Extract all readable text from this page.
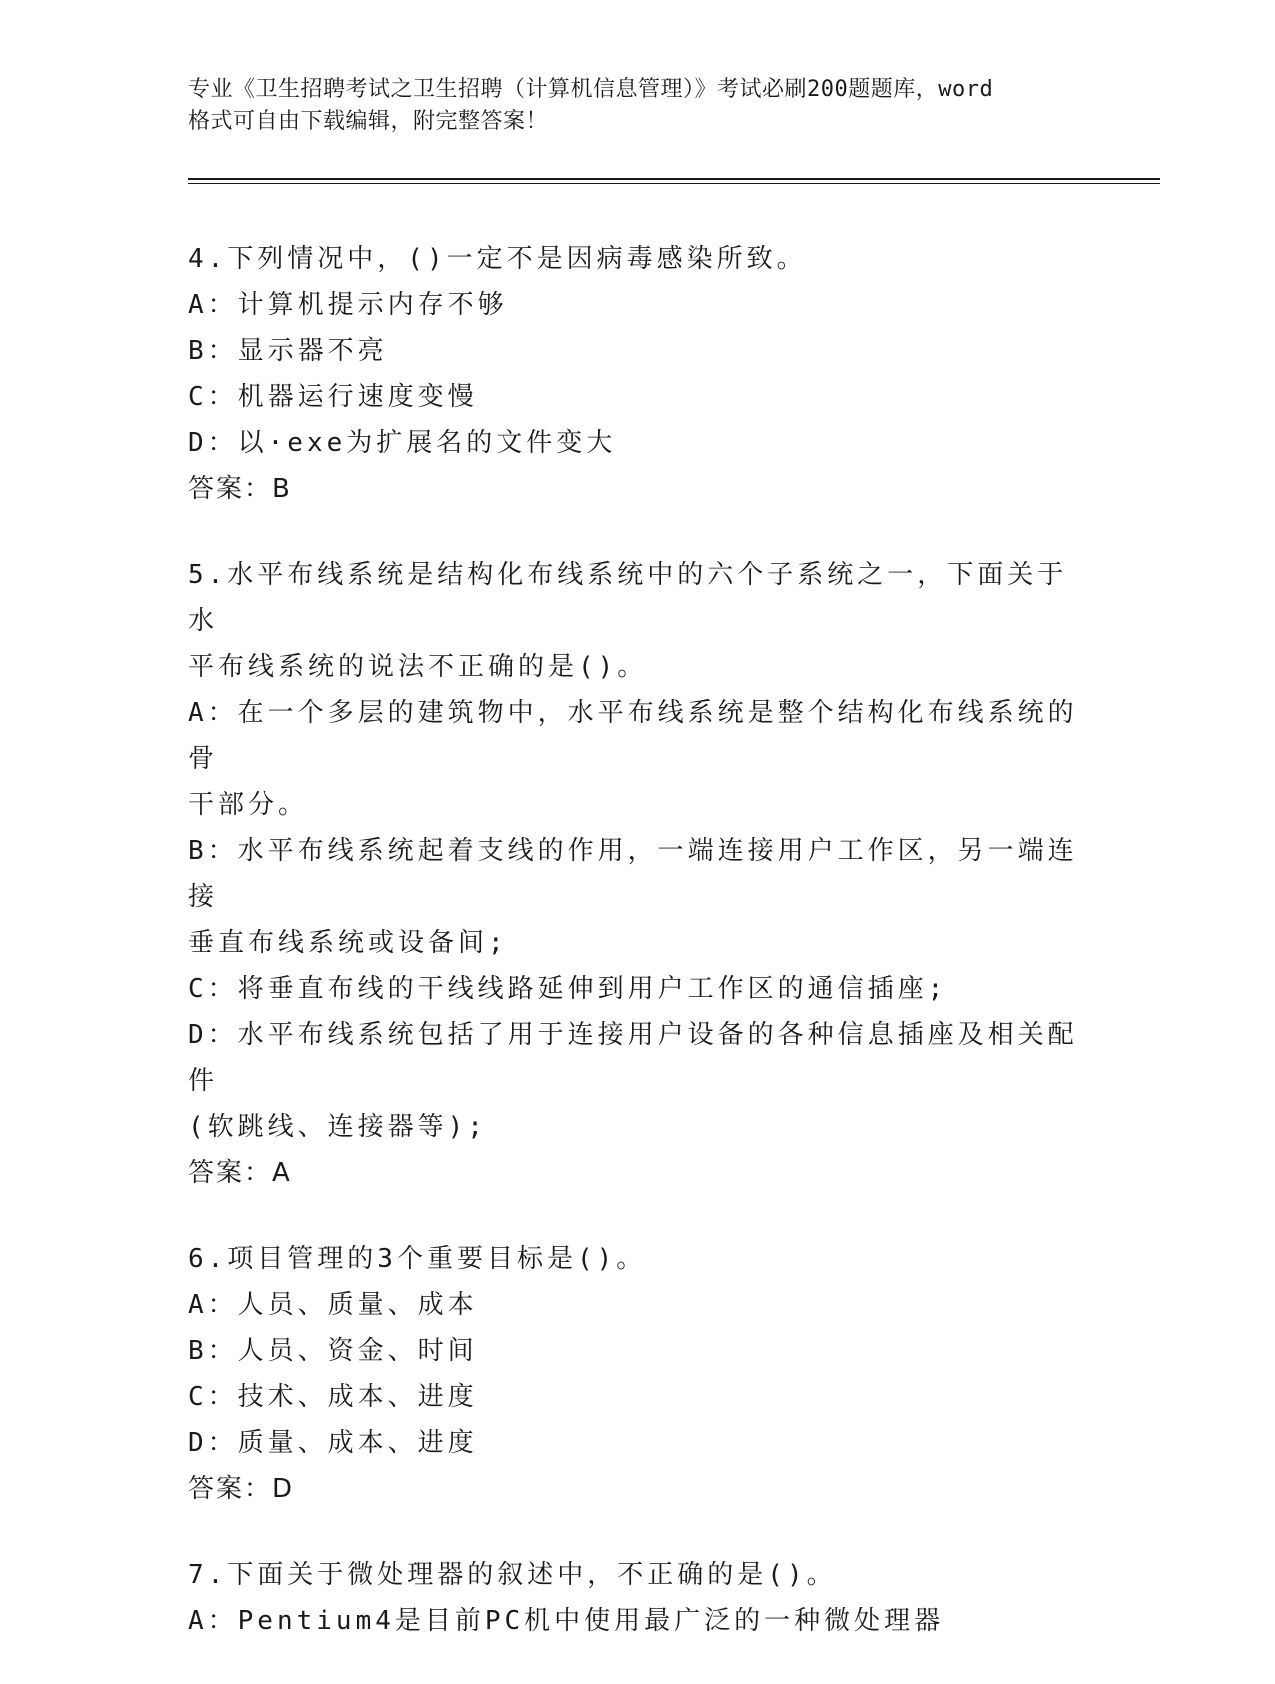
专业《卫生招聘考试之卫生招聘（计算机信息管理）》考试必刷200题题库，word
格式可自由下载编辑，附完整答案！
4.下列情况中，()一定不是因病毒感染所致。
A：计算机提示内存不够
B：显示器不亮
C：机器运行速度变慢
D：以·exe为扩展名的文件变大
答案：B
5.水平布线系统是结构化布线系统中的六个子系统之一，下面关于水
平布线系统的说法不正确的是()。
A：在一个多层的建筑物中，水平布线系统是整个结构化布线系统的骨
干部分。
B：水平布线系统起着支线的作用，一端连接用户工作区，另一端连接
垂直布线系统或设备间;
C：将垂直布线的干线线路延伸到用户工作区的通信插座;
D：水平布线系统包括了用于连接用户设备的各种信息插座及相关配件
(软跳线、连接器等);
答案：A
6.项目管理的3个重要目标是()。
A：人员、质量、成本
B：人员、资金、时间
C：技术、成本、进度
D：质量、成本、进度
答案：D
7.下面关于微处理器的叙述中，不正确的是()。
A：Pentium4是目前PC机中使用最广泛的一种微处理器
